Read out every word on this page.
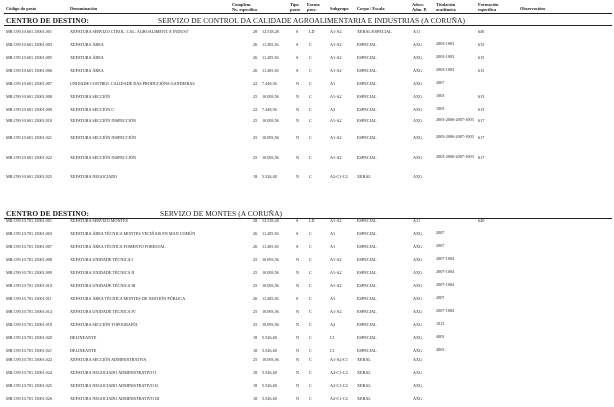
Código do posto	Denominación
Complem.
Nv. específico
Tipo
posto
Forma
prov.	Subgrupo Corpo / Escala
Adscr.
Adm. P.
Titulación
académica
Formación
específica	Observacións
CENTRO DE DESTINO:	SERVIZO DE CONTROL DA CALIDADE AGROALIMENTARIA E INDUSTRIAS (A CORUÑA)
MR.C99.10.601.15001.001	XEFATURA SERVIZO CTROL. CAL. AGROALIMENT. E INDUST	28 12.518,28	S	LD	A1-A2	XERAL/ESPECIAL	A11	640
MR.C99.10.601.15001.003	XEFATURA ÁREA	26 11.205,36	S	C	A1-A2	ESPECIAL	AXG	2003-1003	615
MR.C99.10.601.15001.005	XEFATURA ÁREA	26 11.205,36	S	C	A1-A2	ESPECIAL	AXG	2003-1003	615
MR.C99.10.601.15001.006	XEFATURA ÁREA	26 11.205,36	S	C	A1-A2	ESPECIAL	AXG	2003-1003	615
MR.C99.10.601.15001.007	UNIDADE CONTROL CALIDADE DAS PRODUCIÓNS GANDEIRAS	22 7.449,36	N C	A1	ESPECIAL	AXG	2007
MR.C99.10.601.15001.008	XEFATURA SECCIÓN	25 10.093,56	N C	A1-A2	ESPECIAL	AXG	1003	615
MR.C99.10.601.15001.009	XEFATURA SECCIÓN C	22 7.449,36	N C	A2	ESPECIAL	AXG	1003	615
MR.C99.10.601.15001.010	XEFATURA SECCIÓN INSPECCIÓN	25 10.093,56	N C	A1-A2	ESPECIAL	AXG	2003-2006-2007-1003 617
MR.C99.10.601.15001.021	XEFATURA SECCIÓN INSPECCIÓN	25 10.093,56	N C	A1-A2	ESPECIAL	AXG	2003-2006-2007-1003 617
MR.C99.10.601.15001.022	XEFATURA SECCIÓN INSPECCIÓN	25 10.093,56	N C	A1-A2	ESPECIAL	AXG	2003-2006-2007-1003 617
MR.C99.10.601.15001.025	XEFATURA NEGOCIADO	18 5.526,48	N C	A2-C1-C2 XERAL	AXG
CENTRO DE DESTINO:	SERVIZO DE MONTES (A CORUÑA)
MR.C99.10.701.15001.001	XEFATURA SERVIZO MONTES	28 12.518,28	S	LD	A1-A2	ESPECIAL	A11	640
MR.C99.10.701.15001.003	XEFATURA ÁREA TÉCNICA MONTES VECIÑAIS EN MAN COMÚN	26 11.205,36	S	C	A1	ESPECIAL	AXG	2007
MR.C99.10.701.15001.007	XEFATURA ÁREA TÉCNICA FOMENTO FORESTAL	26 11.205,36	S	C	A1	ESPECIAL	AXG	2007
MR.C99.10.701.15001.008	XEFATURA UNIDADE TÉCNICA I	25 10.093,56	N C	A1-A2	ESPECIAL	AXG	2007-1004
MR.C99.10.701.15001.009	XEFATURA UNIDADE TÉCNICA II	25 10.093,56	N C	A1-A2	ESPECIAL	AXG	2007-1004
MR.C99.10.701.15001.010	XEFATURA UNIDADE TÉCNICA III	25 10.093,56	N C	A1-A2	ESPECIAL	AXG	2007-1004
MR.C99.10.701.15001.011	XEFATURA ÁREA TÉCNICA MONTES DE XESTIÓN PÚBLICA	26 11.205,36	S	C	A1	ESPECIAL	AXG	2007
MR.C99.10.701.15001.014	XEFATURA UNIDADE TÉCNICA IV	25 10.093,56	N C	A1-A2	ESPECIAL	AXG	2007-1004
MR.C99.10.701.15001.018	XEFATURA SECCIÓN TOPOGRAFÍA	25 10.093,56	N C	A2	ESPECIAL	AXG	1013
MR.C99.10.701.15001.020	DELINEANTE	18 5.526,48	N C	C1	ESPECIAL	AXG	4003
MR.C99.10.701.15001.021	DELINEANTE	18 5.526,48	N C	C1	ESPECIAL	AXG	4003
MR.C99.10.701.15001.022	XEFATURA SECCIÓN ADMINISTRATIVA	25 10.093,56	N C	A1-A2-C1 XERAL	AXG
MR.C99.10.701.15001.024	XEFATURA NEGOCIADO ADMINISTRATIVO I	18 5.526,48	N C	A2-C1-C2 XERAL	AXG
MR.C99.10.701.15001.025	XEFATURA NEGOCIADO ADMINISTRATIVO II	18 5.526,48	N C	A2-C1-C2 XERAL	AXG
MR.C99.10.701.15001.026	XEFATURA NEGOCIADO ADMINISTRATIVO III	18 5.526,48	N C	A2-C1-C2 XERAL	AXG
